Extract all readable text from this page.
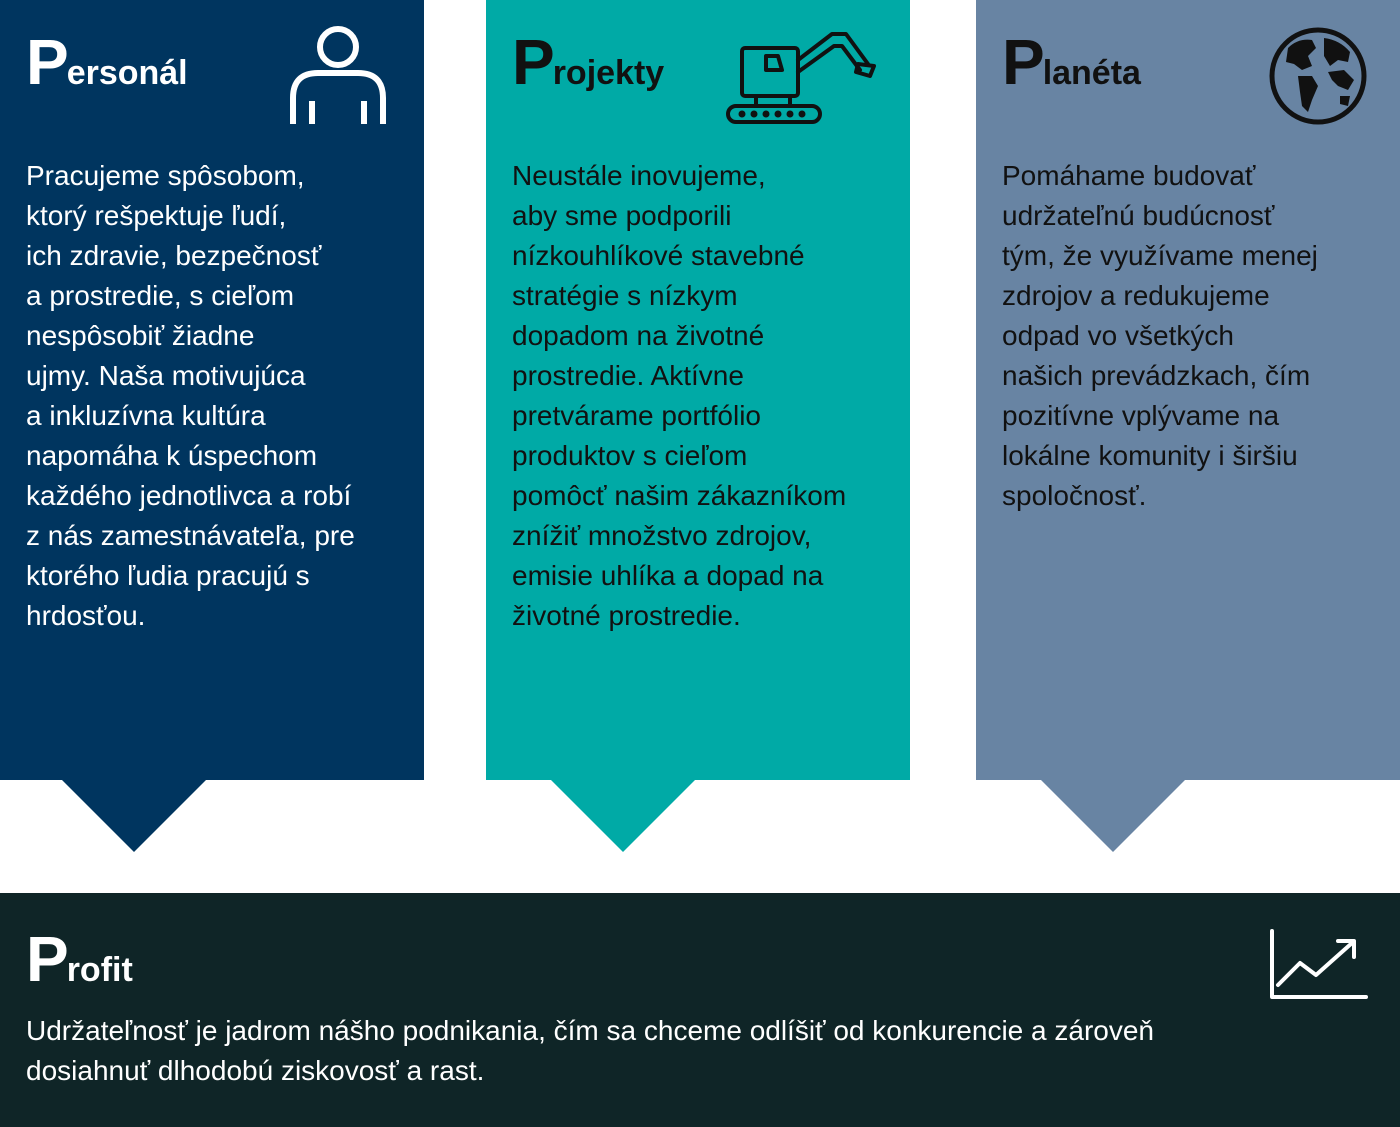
Personál

Pracujeme spôsobom,
ktorý rešpektuje ľudí,
ich zdravie, bezpečnosť
a prostredie, s cieľom
nespôsobiť žiadne
ujmy. Naša motivujúca
a inkluzívna kultúra
napomáha k úspechom
každého jednotlivca a robí
z nás zamestnávateľa, pre
ktorého ľudia pracujú s
hrdosťou.

Projekty

Neustále inovujeme,
aby sme podporili
nízkouhlíkové stavebné
stratégie s nízkym
dopadom na životné
prostredie. Aktívne
pretvárame portfólio
produktov s cieľom
pomôcť našim zákazníkom
znížiť množstvo zdrojov,
emisie uhlíka a dopad na
životné prostredie.

Planéta

Pomáhame budovať
udržateľnú budúcnosť
tým, že využívame menej
zdrojov a redukujeme
odpad vo všetkých
našich prevádzkach, čím
pozitívne vplývame na
lokálne komunity i širšiu
spoločnosť.

Profit

Udržateľnosť je jadrom nášho podnikania, čím sa chceme odlíšiť od konkurencie a zároveň
dosiahnuť dlhodobú ziskovosť a rast.
